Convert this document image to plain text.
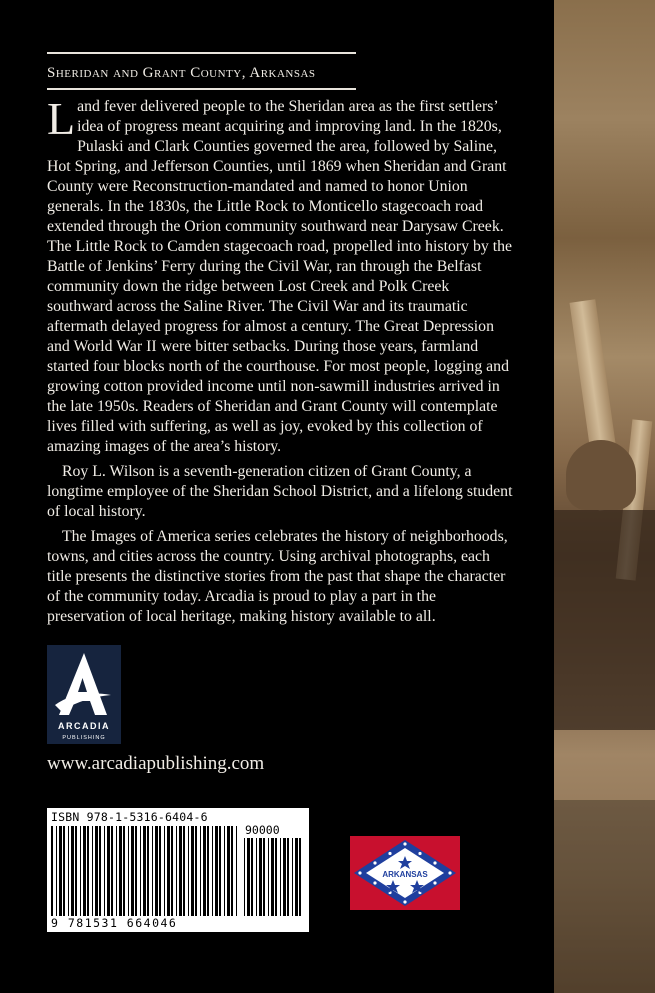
Sheridan and Grant County, Arkansas

Land fever delivered people to the Sheridan area as the first settlers’ idea of progress meant acquiring and improving land. In the 1820s, Pulaski and Clark Counties governed the area, followed by Saline, Hot Spring, and Jefferson Counties, until 1869 when Sheridan and Grant County were Reconstruction-mandated and named to honor Union generals. In the 1830s, the Little Rock to Monticello stagecoach road extended through the Orion community southward near Darysaw Creek. The Little Rock to Camden stagecoach road, propelled into history by the Battle of Jenkins’ Ferry during the Civil War, ran through the Belfast community down the ridge between Lost Creek and Polk Creek southward across the Saline River. The Civil War and its traumatic aftermath delayed progress for almost a century. The Great Depression and World War II were bitter setbacks. During those years, farmland started four blocks north of the courthouse. For most people, logging and growing cotton provided income until non-sawmill industries arrived in the late 1950s. Readers of Sheridan and Grant County will contemplate lives filled with suffering, as well as joy, evoked by this collection of amazing images of the area’s history.

Roy L. Wilson is a seventh-generation citizen of Grant County, a longtime employee of the Sheridan School District, and a lifelong student of local history.

The Images of America series celebrates the history of neighborhoods, towns, and cities across the country. Using archival photographs, each title presents the distinctive stories from the past that shape the character of the community today. Arcadia is proud to play a part in the preservation of local heritage, making history available to all.

ARCADIA
PUBLISHING
www.arcadiapublishing.com
ISBN 978-1-5316-6404-6
90000
9 781531 664046
ARKANSAS
